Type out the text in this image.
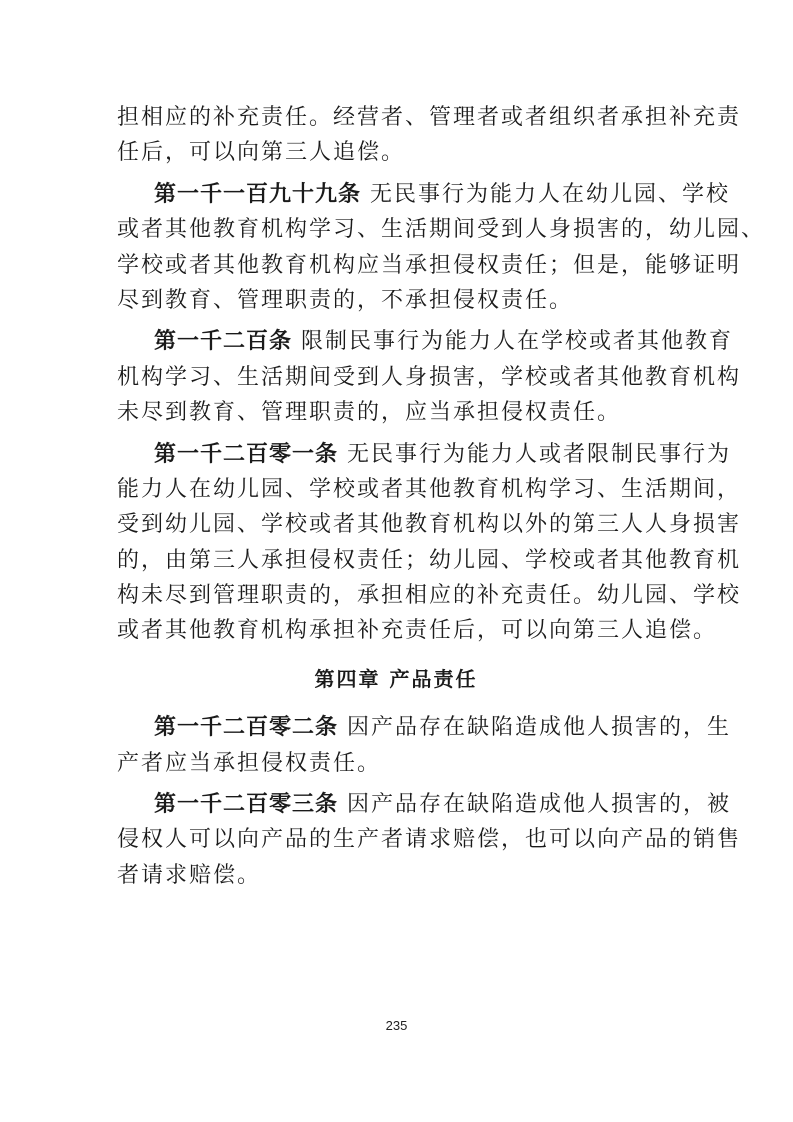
担相应的补充责任。经营者、管理者或者组织者承担补充责
任后，可以向第三人追偿。
第一千一百九十九条 无民事行为能力人在幼儿园、学校
或者其他教育机构学习、生活期间受到人身损害的，幼儿园、
学校或者其他教育机构应当承担侵权责任；但是，能够证明
尽到教育、管理职责的，不承担侵权责任。
第一千二百条 限制民事行为能力人在学校或者其他教育
机构学习、生活期间受到人身损害，学校或者其他教育机构
未尽到教育、管理职责的，应当承担侵权责任。
第一千二百零一条 无民事行为能力人或者限制民事行为
能力人在幼儿园、学校或者其他教育机构学习、生活期间，
受到幼儿园、学校或者其他教育机构以外的第三人人身损害
的，由第三人承担侵权责任；幼儿园、学校或者其他教育机
构未尽到管理职责的，承担相应的补充责任。幼儿园、学校
或者其他教育机构承担补充责任后，可以向第三人追偿。
第四章 产品责任
第一千二百零二条 因产品存在缺陷造成他人损害的，生
产者应当承担侵权责任。
第一千二百零三条 因产品存在缺陷造成他人损害的，被
侵权人可以向产品的生产者请求赔偿，也可以向产品的销售
者请求赔偿。
235
